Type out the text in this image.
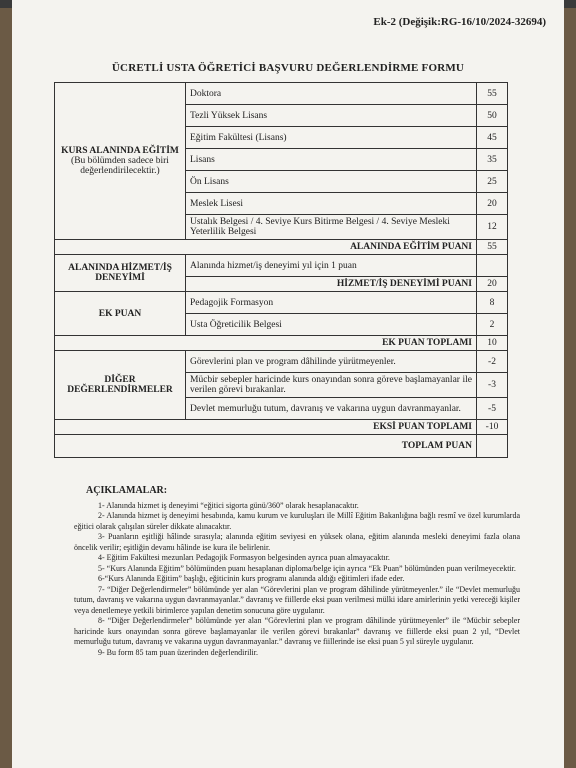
Ek-2 (Değişik:RG-16/10/2024-32694)
ÜCRETLİ USTA ÖĞRETİCİ BAŞVURU DEĞERLENDİRME FORMU
KURS ALANINDA EĞİTİM
(Bu bölümden sadece biri değerlendirilecektir.)	Doktora	55
	Tezli Yüksek Lisans	50
	Eğitim Fakültesi (Lisans)	45
	Lisans	35
	Ön Lisans	25
	Meslek Lisesi	20
	Ustalık Belgesi / 4. Seviye Kurs Bitirme Belgesi / 4. Seviye Mesleki Yeterlilik Belgesi	12
ALANINDA EĞİTİM PUANI		55
ALANINDA HİZMET/İŞ DENEYİMİ	Alanında hizmet/iş deneyimi yıl için 1 puan	
	HİZMET/İŞ DENEYİMİ PUANI	20
EK PUAN	Pedagojik Formasyon	8
	Usta Öğreticilik Belgesi	2
EK PUAN TOPLAMI		10
DİĞER DEĞERLENDİRMELER	Görevlerini plan ve program dâhilinde yürütmeyenler.	-2
	Mücbir sebepler haricinde kurs onayından sonra göreve başlamayanlar ile verilen görevi bırakanlar.	-3
	Devlet memurluğu tutum, davranış ve vakarına uygun davranmayanlar.	-5
EKSİ PUAN TOPLAMI		-10
TOPLAM PUAN		
AÇIKLAMALAR:

1- Alanında hizmet iş deneyimi “eğitici sigorta günü/360” olarak hesaplanacaktır.

2- Alanında hizmet iş deneyimi hesabında, kamu kurum ve kuruluşları ile Millî Eğitim Bakanlığına bağlı resmî ve özel kurumlarda eğitici olarak çalışılan süreler dikkate alınacaktır.

3- Puanların eşitliği hâlinde sırasıyla; alanında eğitim seviyesi en yüksek olana, eğitim alanında mesleki deneyimi fazla olana öncelik verilir; eşitliğin devamı hâlinde ise kura ile belirlenir.

4- Eğitim Fakültesi mezunları Pedagojik Formasyon belgesinden ayrıca puan almayacaktır.

5- “Kurs Alanında Eğitim” bölümünden puanı hesaplanan diploma/belge için ayrıca “Ek Puan” bölümünden puan verilmeyecektir.

6-“Kurs Alanında Eğitim” başlığı, eğiticinin kurs programı alanında aldığı eğitimleri ifade eder.

7- “Diğer Değerlendirmeler” bölümünde yer alan “Görevlerini plan ve program dâhilinde yürütmeyenler.” ile “Devlet memurluğu tutum, davranış ve vakarına uygun davranmayanlar.” davranış ve fiillerde eksi puan verilmesi mülki idare amirlerinin yetki vereceği kişiler veya denetlemeye yetkili birimlerce yapılan denetim sonucuna göre uygulanır.

8- “Diğer Değerlendirmeler” bölümünde yer alan “Görevlerini plan ve program dâhilinde yürütmeyenler” ile “Mücbir sebepler haricinde kurs onayından sonra göreve başlamayanlar ile verilen görevi bırakanlar” davranış ve fiillerde eksi puan 2 yıl, “Devlet memurluğu tutum, davranış ve vakarına uygun davranmayanlar.” davranış ve fiillerinde ise eksi puan 5 yıl süreyle uygulanır.

9- Bu form 85 tam puan üzerinden değerlendirilir.
